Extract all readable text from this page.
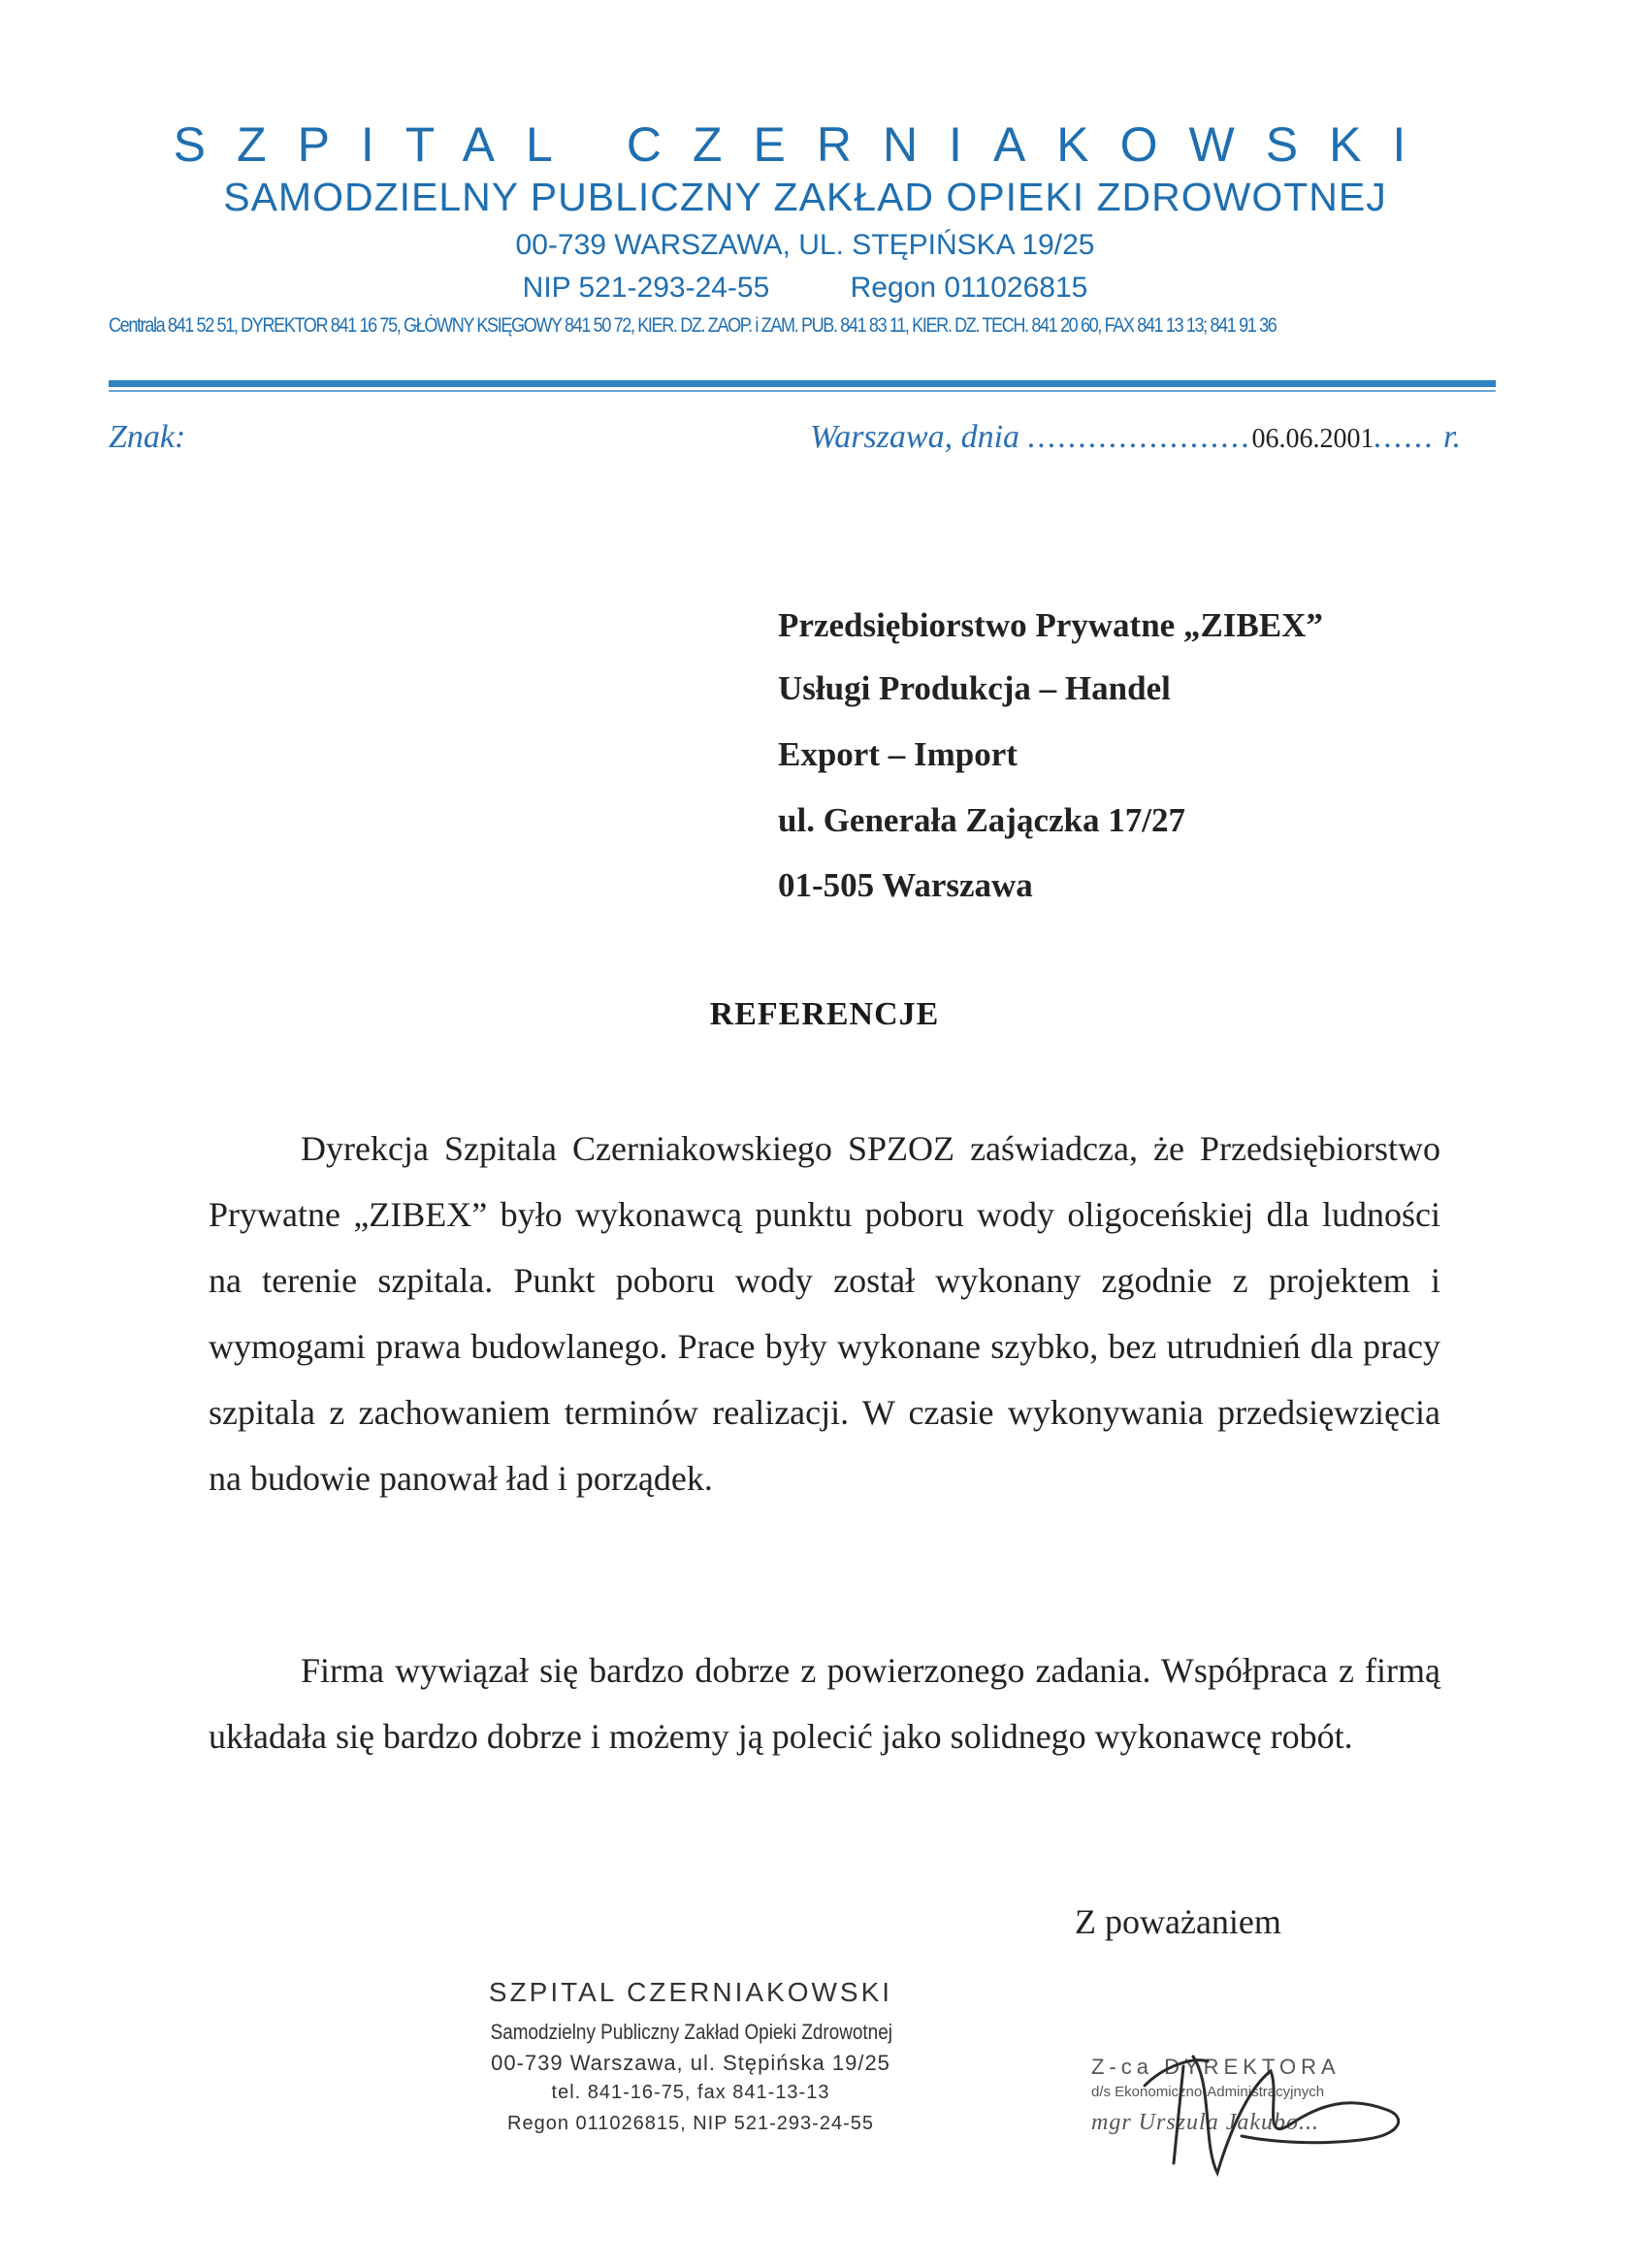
SZPITAL CZERNIAKOWSKI
SAMODZIELNY PUBLICZNY ZAKŁAD OPIEKI ZDROWOTNEJ
00-739 WARSZAWA, UL. STĘPIŃSKA 19/25
NIP 521-293-24-55          Regon 011026815
Centrala 841 52 51, DYREKTOR 841 16 75, GŁÓWNY KSIĘGOWY 841 50 72, KIER. DZ. ZAOP. i ZAM. PUB. 841 83 11, KIER. DZ. TECH. 841 20 60, FAX 841 13 13; 841 91 36
Znak:	Warszawa, dnia ......................06.06.2001...... r.
Przedsiębiorstwo Prywatne „ZIBEX”
Usługi Produkcja – Handel
Export – Import
ul. Generała Zajączka 17/27
01-505 Warszawa
REFERENCJE
Dyrekcja Szpitala Czerniakowskiego SPZOZ zaświadcza, że Przedsiębiorstwo Prywatne „ZIBEX” było wykonawcą punktu poboru wody oligoceńskiej dla ludności na terenie szpitala. Punkt poboru wody został wykonany zgodnie z projektem i wymogami prawa budowlanego. Prace były wykonane szybko, bez utrudnień dla pracy szpitala z zachowaniem terminów realizacji. W czasie wykonywania przedsięwzięcia na budowie panował ład i porządek.
Firma wywiązał się bardzo dobrze z powierzonego zadania. Współpraca z firmą układała się bardzo dobrze i możemy ją polecić jako solidnego wykonawcę robót.
Z poważaniem
SZPITAL CZERNIAKOWSKI
Samodzielny Publiczny Zakład Opieki Zdrowotnej
00-739 Warszawa, ul. Stępińska 19/25
tel. 841-16-75, fax 841-13-13
Regon 011026815, NIP 521-293-24-55
Z-ca DYREKTORA
d/s Ekonomiczno-Administracyjnych
mgr Urszula Jakubo...
